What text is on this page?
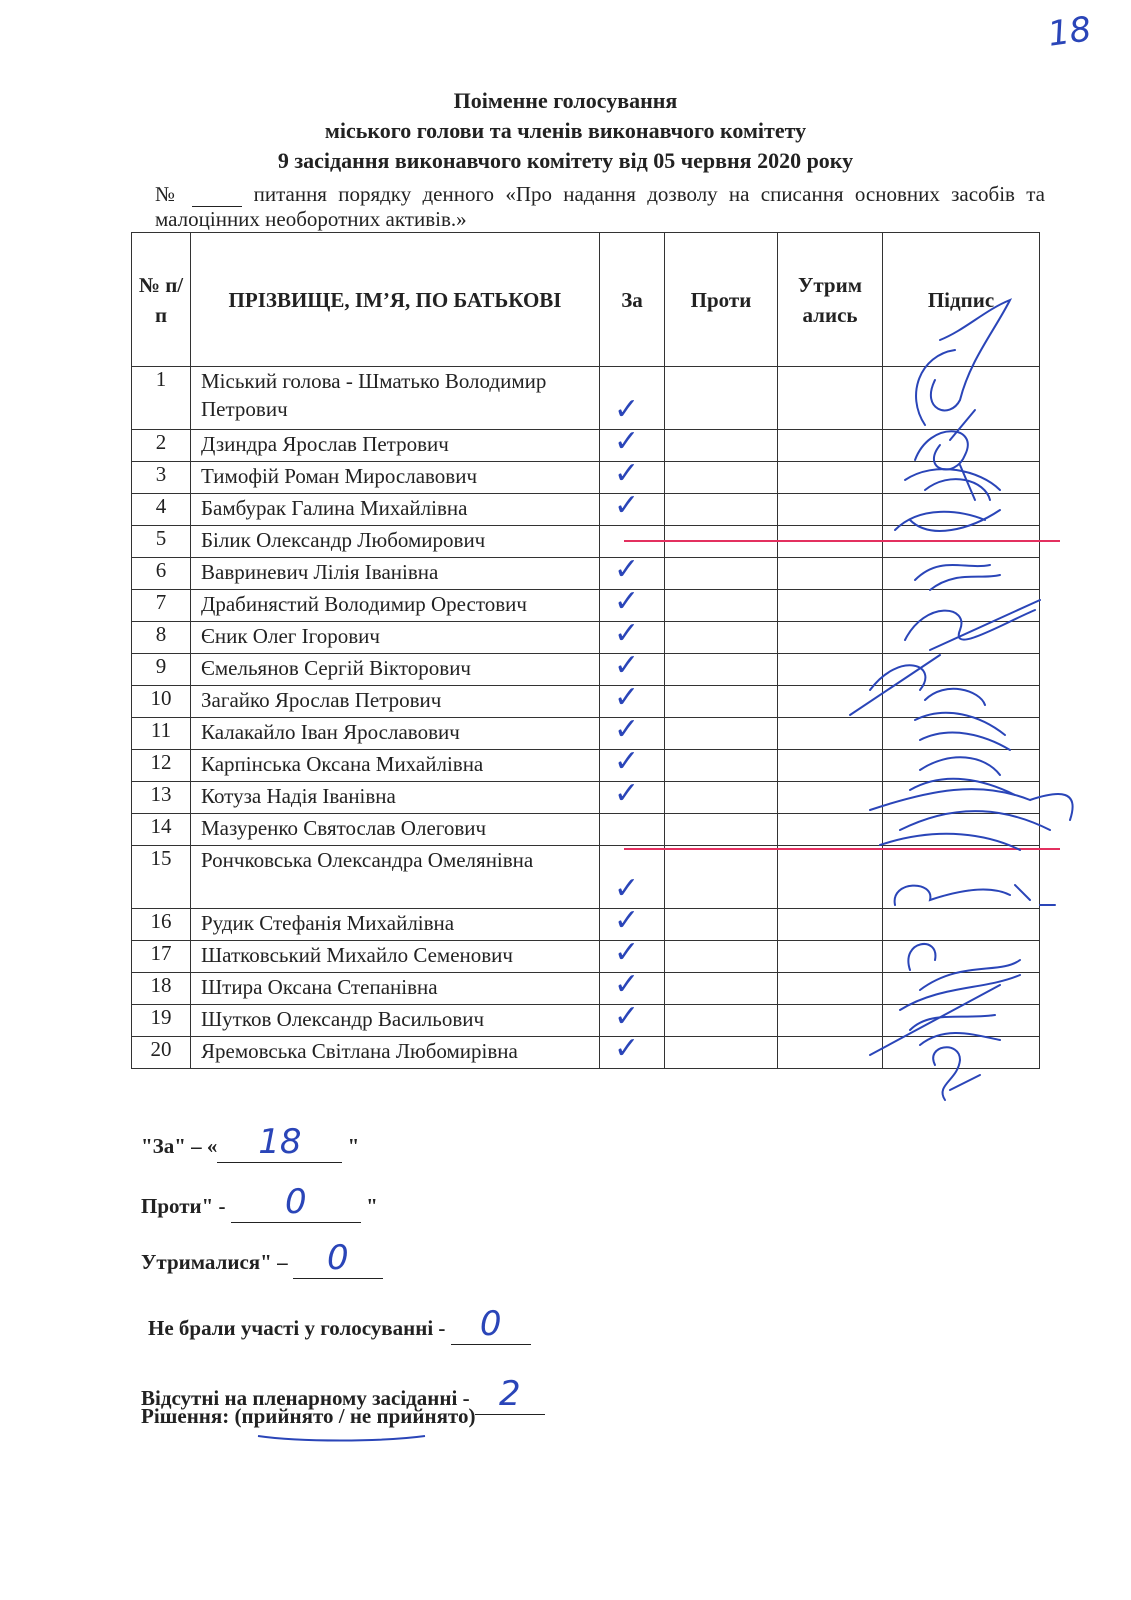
18
Поіменне голосування
міського голови та членів виконавчого комітету
9 засідання виконавчого комітету від 05 червня 2020 року
№	питання порядку денного «Про надання дозволу на списання основних засобів та малоцінних необоротних активів.»
№ п/ п	ПРІЗВИЩЕ, ІМ’Я, ПО БАТЬКОВІ	За	Проти	Утрим ались	Підпис
1	Міський голова - Шматько Володимир Петрович	✓			

2	Дзиндра Ярослав Петрович	✓			

3	Тимофій Роман Мирославович	✓			

4	Бамбурак Галина Михайлівна	✓			

5	Білик Олександр Любомирович				
6	Вавриневич Лілія Іванівна	✓			

7	Драбинястий Володимир Орестович	✓			

8	Єник Олег Ігорович	✓			

9	Ємельянов Сергій Вікторович	✓			

10	Загайко Ярослав Петрович	✓			

11	Калакайло Іван Ярославович	✓			

12	Карпінська Оксана Михайлівна	✓			

13	Котуза Надія Іванівна	✓			

14	Мазуренко Святослав Олегович				
15	Рончковська Олександра Омелянівна	✓			

16	Рудик Стефанія Михайлівна	✓			

17	Шатковський Михайло Семенович	✓			

18	Штира Оксана Степанівна	✓			

19	Шутков Олександр Васильович	✓			

20	Яремовська Світлана Любомирівна	✓			

"За" – « 18 "
Проти" - 0	"
Утрималися" – 0
Не брали участі у голосуванні - 0
Відсутні на пленарному засіданні - 2
Рішення: (прийнято / не прийнято)
